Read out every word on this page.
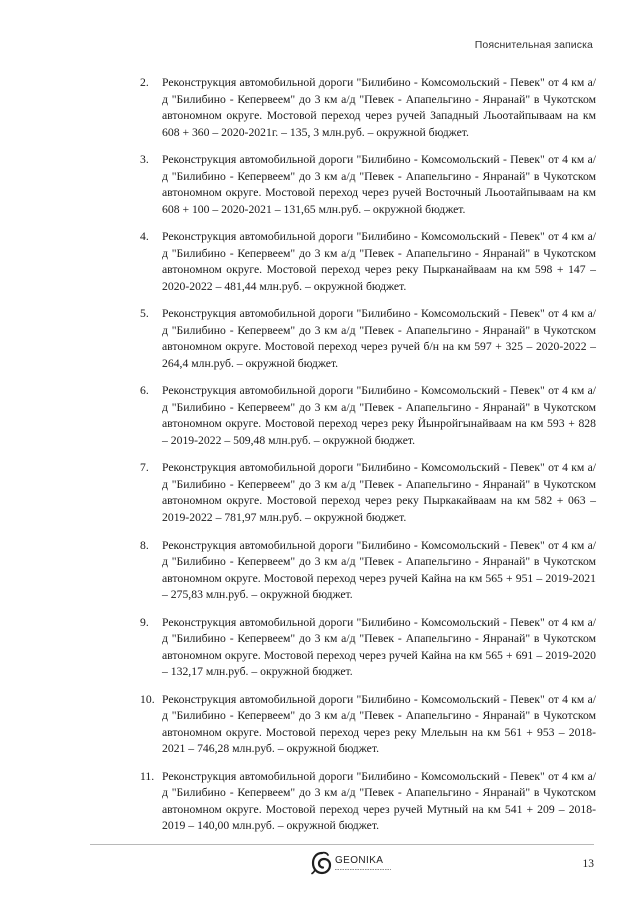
Пояснительная записка
2.	Реконструкция автомобильной дороги "Билибино - Комсомольский - Певек" от 4 км а/д "Билибино - Кепервеем" до 3 км а/д "Певек - Апапельгино - Янранай" в Чукотском автономном округе. Мостовой переход через ручей Западный Льоотайпываам на км 608 + 360 – 2020-2021г. – 135, 3 млн.руб. – окружной бюджет.
3.	Реконструкция автомобильной дороги "Билибино - Комсомольский - Певек" от 4 км а/д "Билибино - Кепервеем" до 3 км а/д "Певек - Апапельгино - Янранай" в Чукотском автономном округе. Мостовой переход через ручей Восточный Льоотайпываам на км 608 + 100 – 2020-2021 – 131,65 млн.руб. – окружной бюджет.
4.	Реконструкция автомобильной дороги "Билибино - Комсомольский - Певек" от 4 км а/д "Билибино - Кепервеем" до 3 км а/д "Певек - Апапельгино - Янранай" в Чукотском автономном округе. Мостовой переход через реку Пырканайваам на км 598 + 147 – 2020-2022 – 481,44 млн.руб. – окружной бюджет.
5.	Реконструкция автомобильной дороги "Билибино - Комсомольский - Певек" от 4 км а/д "Билибино - Кепервеем" до 3 км а/д "Певек - Апапельгино - Янранай" в Чукотском автономном округе. Мостовой переход через ручей б/н на км 597 + 325 – 2020-2022 – 264,4 млн.руб. – окружной бюджет.
6.	Реконструкция автомобильной дороги "Билибино - Комсомольский - Певек" от 4 км а/д "Билибино - Кепервеем" до 3 км а/д "Певек - Апапельгино - Янранай" в Чукотском автономном округе. Мостовой переход через реку Йынройгынайваам на км 593 + 828 – 2019-2022 – 509,48 млн.руб. – окружной бюджет.
7.	Реконструкция автомобильной дороги "Билибино - Комсомольский - Певек" от 4 км а/д "Билибино - Кепервеем" до 3 км а/д "Певек - Апапельгино - Янранай" в Чукотском автономном округе. Мостовой переход через реку Пыркакайваам на км 582 + 063 – 2019-2022 – 781,97 млн.руб. – окружной бюджет.
8.	Реконструкция автомобильной дороги "Билибино - Комсомольский - Певек" от 4 км а/д "Билибино - Кепервеем" до 3 км а/д "Певек - Апапельгино - Янранай" в Чукотском автономном округе. Мостовой переход через ручей Кайна на км 565 + 951 – 2019-2021 – 275,83 млн.руб. – окружной бюджет.
9.	Реконструкция автомобильной дороги "Билибино - Комсомольский - Певек" от 4 км а/д "Билибино - Кепервеем" до 3 км а/д "Певек - Апапельгино - Янранай" в Чукотском автономном округе. Мостовой переход через ручей Кайна на км 565 + 691 – 2019-2020 – 132,17 млн.руб. – окружной бюджет.
10. Реконструкция автомобильной дороги "Билибино - Комсомольский - Певек" от 4 км а/д "Билибино - Кепервеем" до 3 км а/д "Певек - Апапельгино - Янранай" в Чукотском автономном округе. Мостовой переход через реку Млельын на км 561 + 953 – 2018-2021 – 746,28 млн.руб. – окружной бюджет.
11. Реконструкция автомобильной дороги "Билибино - Комсомольский - Певек" от 4 км а/д "Билибино - Кепервеем" до 3 км а/д "Певек - Апапельгино - Янранай" в Чукотском автономном округе. Мостовой переход через ручей Мутный на км 541 + 209 – 2018-2019 – 140,00 млн.руб. – окружной бюджет.
GEONIKA	13
